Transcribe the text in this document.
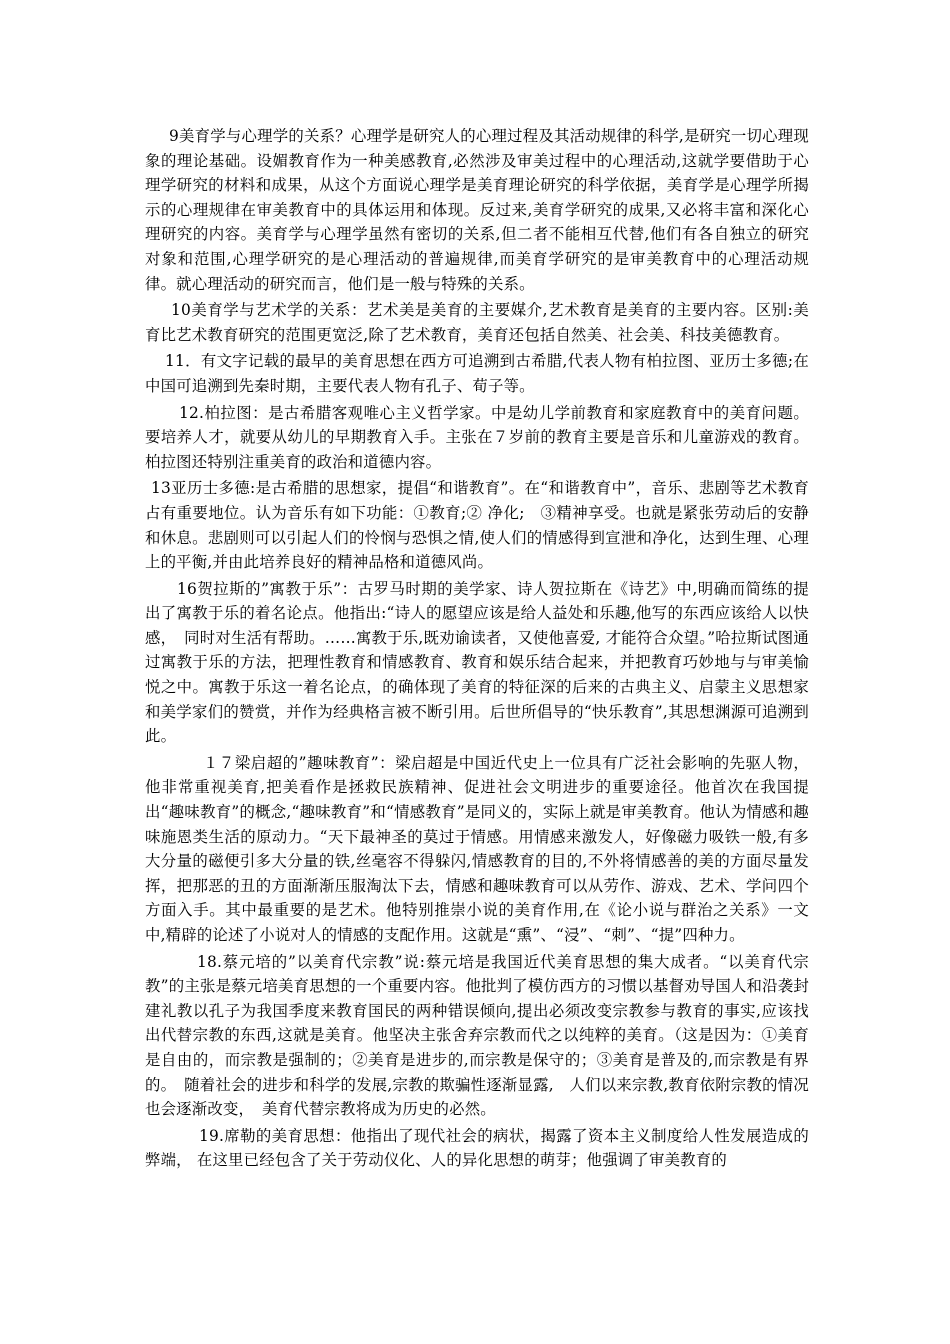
9美育学与心理学的关系？心理学是研究人的心理过程及其活动规律的科学,是研究一切心理现象的理论基础。设媚教育作为一种美感教育,必然涉及审美过程中的心理活动,这就学要借助于心理学研究的材料和成果，从这个方面说心理学是美育理论研究的科学依据，美育学是心理学所揭示的心理规律在审美教育中的具体运用和体现。反过来,美育学研究的成果,又必将丰富和深化心理研究的内容。美育学与心理学虽然有密切的关系,但二者不能相互代替,他们有各自独立的研究对象和范围,心理学研究的是心理活动的普遍规律,而美育学研究的是审美教育中的心理活动规律。就心理活动的研究而言，他们是一般与特殊的关系。

10美育学与艺术学的关系：艺术美是美育的主要媒介,艺术教育是美育的主要内容。区别:美育比艺术教育研究的范围更宽泛,除了艺术教育，美育还包括自然美、社会美、科技美德教育。

11．有文字记载的最早的美育思想在西方可追溯到古希腊,代表人物有柏拉图、亚历士多德;在中国可追溯到先秦时期，主要代表人物有孔子、荀子等。

12.柏拉图：是古希腊客观唯心主义哲学家。中是幼儿学前教育和家庭教育中的美育问题。要培养人才，就要从幼儿的早期教育入手。主张在７岁前的教育主要是音乐和儿童游戏的教育。柏拉图还特别注重美育的政治和道德内容。

13亚历士多德:是古希腊的思想家，提倡“和谐教育”。在“和谐教育中”，音乐、悲剧等艺术教育占有重要地位。认为音乐有如下功能：①教育;② 净化;　③精神享受。也就是紧张劳动后的安静和休息。悲剧则可以引起人们的怜悯与恐惧之情,使人们的情感得到宣泄和净化，达到生理、心理上的平衡,并由此培养良好的精神品格和道德风尚。

16贺拉斯的”寓教于乐”：古罗马时期的美学家、诗人贺拉斯在《诗艺》中,明确而简练的提出了寓教于乐的着名论点。他指出:“诗人的愿望应该是给人益处和乐趣,他写的东西应该给人以快感，　同时对生活有帮助。……寓教于乐,既劝谕读者，又使他喜爱, 才能符合众望。”哈拉斯试图通过寓教于乐的方法，把理性教育和情感教育、教育和娱乐结合起来，并把教育巧妙地与与审美愉悦之中。寓教于乐这一着名论点，的确体现了美育的特征深的后来的古典主义、启蒙主义思想家和美学家们的赞赏，并作为经典格言被不断引用。后世所倡导的“快乐教育”,其思想渊源可追溯到此。

１７梁启超的”趣味教育”：梁启超是中国近代史上一位具有广泛社会影响的先驱人物，他非常重视美育,把美看作是拯救民族精神、促进社会文明进步的重要途径。他首次在我国提出“趣味教育”的概念,“趣味教育”和“情感教育”是同义的，实际上就是审美教育。他认为情感和趣味施恩类生活的原动力。“天下最神圣的莫过于情感。用情感来激发人，好像磁力吸铁一般,有多大分量的磁便引多大分量的铁,丝毫容不得躲闪,情感教育的目的,不外将情感善的美的方面尽量发挥，把那恶的丑的方面渐渐压服淘汰下去，情感和趣味教育可以从劳作、游戏、艺术、学问四个方面入手。其中最重要的是艺术。他特别推崇小说的美育作用,在《论小说与群治之关系》一文中,精辟的论述了小说对人的情感的支配作用。这就是“熏”、“浸”、“刺”、“提”四种力。

18.蔡元培的”以美育代宗教”说:蔡元培是我国近代美育思想的集大成者。“以美育代宗教”的主张是蔡元培美育思想的一个重要内容。他批判了模仿西方的习惯以基督劝导国人和沿袭封建礼教以孔子为我国季度来教育国民的两种错误倾向,提出必须改变宗教参与教育的事实,应该找出代替宗教的东西,这就是美育。他坚决主张舍弃宗教而代之以纯粹的美育。（这是因为：①美育是自由的，而宗教是强制的；②美育是进步的,而宗教是保守的；③美育是普及的,而宗教是有界的。　随着社会的进步和科学的发展,宗教的欺骗性逐渐显露,　人们以来宗教,教育依附宗教的情况也会逐渐改变，　美育代替宗教将成为历史的必然。

19.席勒的美育思想：他指出了现代社会的病状，揭露了资本主义制度给人性发展造成的弊端， 在这里已经包含了关于劳动仪化、人的异化思想的萌芽；他强调了审美教育的
